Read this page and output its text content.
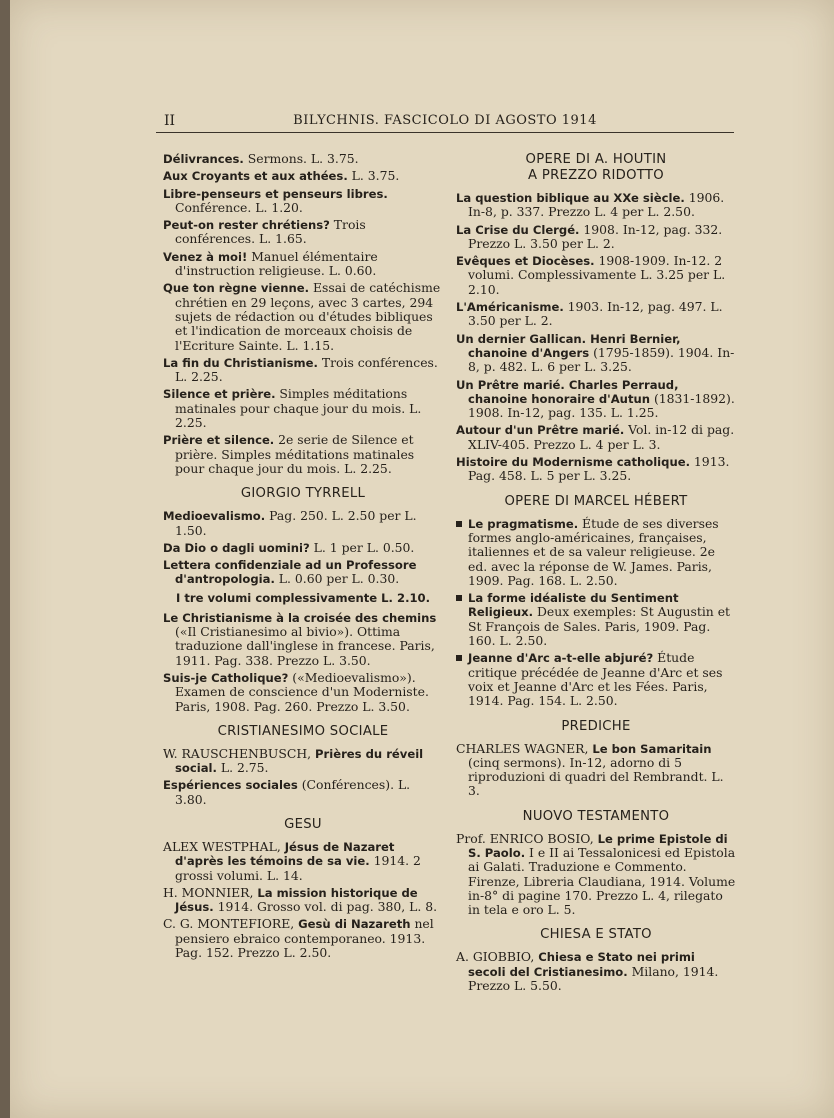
II	BILYCHNIS. FASCICOLO DI AGOSTO 1914
Délivrances. Sermons. L. 3.75.
Aux Croyants et aux athées. L. 3.75.
Libre-penseurs et penseurs libres. Conférence. L. 1.20.
Peut-on rester chrétiens? Trois conférences. L. 1.65.
Venez à moi! Manuel élémentaire d'instruction religieuse. L. 0.60.
Que ton règne vienne. Essai de catéchisme chrétien en 29 leçons, avec 3 cartes, 294 sujets de rédaction ou d'études bibliques et l'indication de morceaux choisis de l'Ecriture Sainte. L. 1.15.
La fin du Christianisme. Trois conférences. L. 2.25.
Silence et prière. Simples méditations matinales pour chaque jour du mois. L. 2.25.
Prière et silence. 2e serie de Silence et prière. Simples méditations matinales pour chaque jour du mois. L. 2.25.
GIORGIO TYRRELL
Medioevalismo. Pag. 250. L. 2.50 per L. 1.50.
Da Dio o dagli uomini? L. 1 per L. 0.50.
Lettera confidenziale ad un Professore d'antropologia. L. 0.60 per L. 0.30.
I tre volumi complessivamente L. 2.10.
Le Christianisme à la croisée des chemins («Il Cristianesimo al bivio»). Ottima traduzione dall'inglese in francese. Paris, 1911. Pag. 338. Prezzo L. 3.50.
Suis-je Catholique? («Medioevalismo»). Examen de conscience d'un Moderniste. Paris, 1908. Pag. 260. Prezzo L. 3.50.
CRISTIANESIMO SOCIALE
W. RAUSCHENBUSCH, Prières du réveil social. L. 2.75.
Espériences sociales (Conférences). L. 3.80.
GESU
ALEX WESTPHAL, Jésus de Nazaret d'après les témoins de sa vie. 1914. 2 grossi volumi. L. 14.
H. MONNIER, La mission historique de Jésus. 1914. Grosso vol. di pag. 380, L. 8.
C. G. MONTEFIORE, Gesù di Nazareth nel pensiero ebraico contemporaneo. 1913. Pag. 152. Prezzo L. 2.50.
OPERE DI A. HOUTIN
A PREZZO RIDOTTO
La question biblique au XXe siècle. 1906. In-8, p. 337. Prezzo L. 4 per L. 2.50.
La Crise du Clergé. 1908. In-12, pag. 332. Prezzo L. 3.50 per L. 2.
Evêques et Diocèses. 1908-1909. In-12. 2 volumi. Complessivamente L. 3.25 per L. 2.10.
L'Américanisme. 1903. In-12, pag. 497. L. 3.50 per L. 2.
Un dernier Gallican. Henri Bernier, chanoine d'Angers (1795-1859). 1904. In-8, p. 482. L. 6 per L. 3.25.
Un Prêtre marié. Charles Perraud, chanoine honoraire d'Autun (1831-1892). 1908. In-12, pag. 135. L. 1.25.
Autour d'un Prêtre marié. Vol. in-12 di pag. XLIV-405. Prezzo L. 4 per L. 3.
Histoire du Modernisme catholique. 1913. Pag. 458. L. 5 per L. 3.25.
OPERE DI MARCEL HÉBERT
Le pragmatisme. Étude de ses diverses formes anglo-américaines, françaises, italiennes et de sa valeur religieuse. 2e ed. avec la réponse de W. James. Paris, 1909. Pag. 168. L. 2.50.
La forme idéaliste du Sentiment Religieux. Deux exemples: St Augustin et St François de Sales. Paris, 1909. Pag. 160. L. 2.50.
Jeanne d'Arc a-t-elle abjuré? Étude critique précédée de Jeanne d'Arc et ses voix et Jeanne d'Arc et les Fées. Paris, 1914. Pag. 154. L. 2.50.
PREDICHE
CHARLES WAGNER, Le bon Samaritain (cinq sermons). In-12, adorno di 5 riproduzioni di quadri del Rembrandt. L. 3.
NUOVO TESTAMENTO
Prof. ENRICO BOSIO, Le prime Epistole di S. Paolo. I e II ai Tessalonicesi ed Epistola ai Galati. Traduzione e Commento. Firenze, Libreria Claudiana, 1914. Volume in-8° di pagine 170. Prezzo L. 4, rilegato in tela e oro L. 5.
CHIESA E STATO
A. GIOBBIO, Chiesa e Stato nei primi secoli del Cristianesimo. Milano, 1914. Prezzo L. 5.50.
